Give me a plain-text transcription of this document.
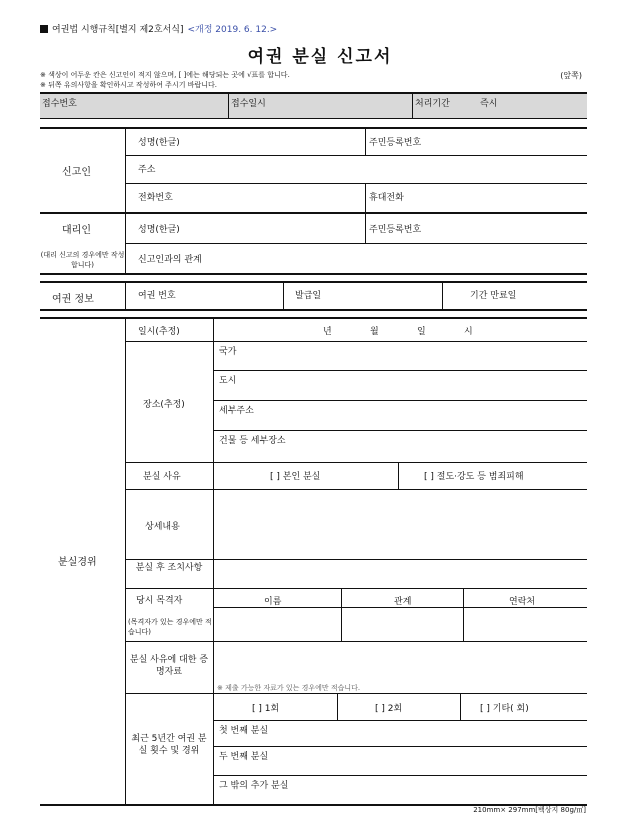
여권법 시행규칙[별지 제2호서식] <개정 2019. 6. 12.>
여권 분실 신고서
※ 색상이 어두운 칸은 신고인이 적지 않으며, [ ]에는 해당되는 곳에 √표를 합니다.
※ 뒤쪽 유의사항을 확인하시고 작성하여 주시기 바랍니다.
(앞쪽)
접수번호	접수일시	처리기간	즉시
신고인
성명(한글)	주민등록번호
주소
전화번호	휴대전화
대리인
(대리 신고의 경우에만 작성합니다)
성명(한글)	주민등록번호
신고인과의 관계
여권 정보	여권 번호	발급일	기간 만료일
분실경위
일시(추정)	년	월	일	시
장소(추정)
국가
도시
세부주소
건물 등 세부장소
분실 사유	[ ] 본인 분실	[ ] 절도·강도 등 범죄피해
상세내용
분실 후 조치사항
당시 목격자
(목격자가 있는 경우에만 적습니다)
이름	관계	연락처
분실 사유에 대한 증명자료
※ 제출 가능한 자료가 있는 경우에만 적습니다.
최근 5년간 여권 분실 횟수 및 경위
[ ] 1회	[ ] 2회	[ ] 기타( 회)
첫 번째 분실
두 번째 분실
그 밖의 추가 분실
210mm× 297mm[백상지 80g/㎡]
